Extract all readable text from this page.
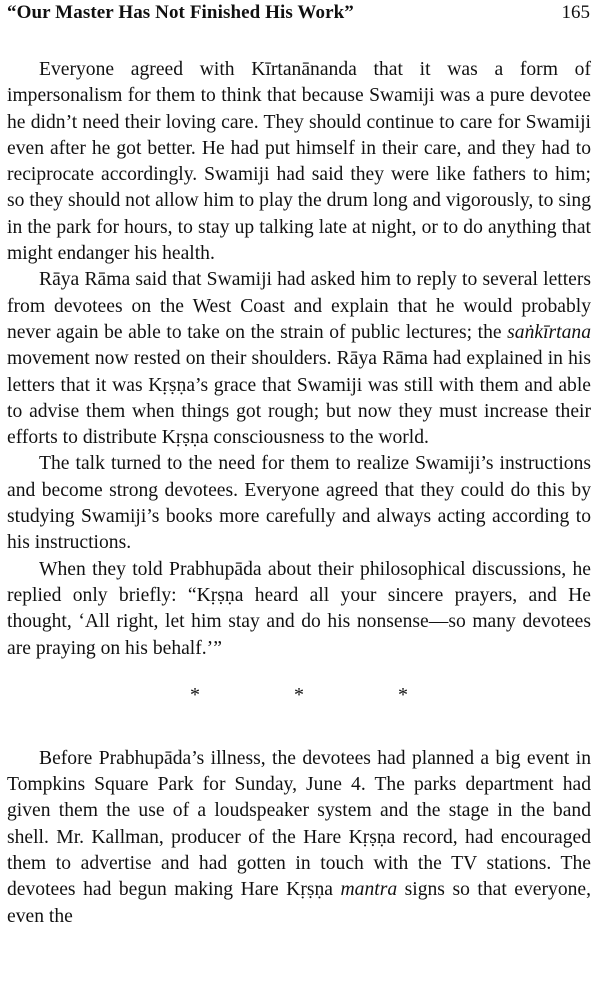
“Our Master Has Not Finished His Work”	165

Everyone agreed with Kīrtanānanda that it was a form of impersonalism for them to think that because Swamiji was a pure devotee he didn’t need their loving care. They should continue to care for Swamiji even after he got better. He had put himself in their care, and they had to reciprocate accordingly. Swamiji had said they were like fathers to him; so they should not allow him to play the drum long and vigorously, to sing in the park for hours, to stay up talking late at night, or to do anything that might endanger his health.

Rāya Rāma said that Swamiji had asked him to reply to several letters from devotees on the West Coast and explain that he would probably never again be able to take on the strain of public lectures; the saṅkīrtana movement now rested on their shoulders. Rāya Rāma had explained in his letters that it was Kṛṣṇa’s grace that Swamiji was still with them and able to advise them when things got rough; but now they must increase their efforts to distribute Kṛṣṇa consciousness to the world.

The talk turned to the need for them to realize Swamiji’s instructions and become strong devotees. Everyone agreed that they could do this by studying Swamiji’s books more carefully and always acting according to his instructions.

When they told Prabhupāda about their philosophical discussions, he replied only briefly: “Kṛṣṇa heard all your sincere prayers, and He thought, ‘All right, let him stay and do his nonsense—so many devotees are praying on his behalf.’”

*	*	*

Before Prabhupāda’s illness, the devotees had planned a big event in Tompkins Square Park for Sunday, June 4. The parks department had given them the use of a loudspeaker system and the stage in the band shell. Mr. Kallman, producer of the Hare Kṛṣṇa record, had encouraged them to advertise and had gotten in touch with the TV stations. The devotees had begun making Hare Kṛṣṇa mantra signs so that everyone, even the
